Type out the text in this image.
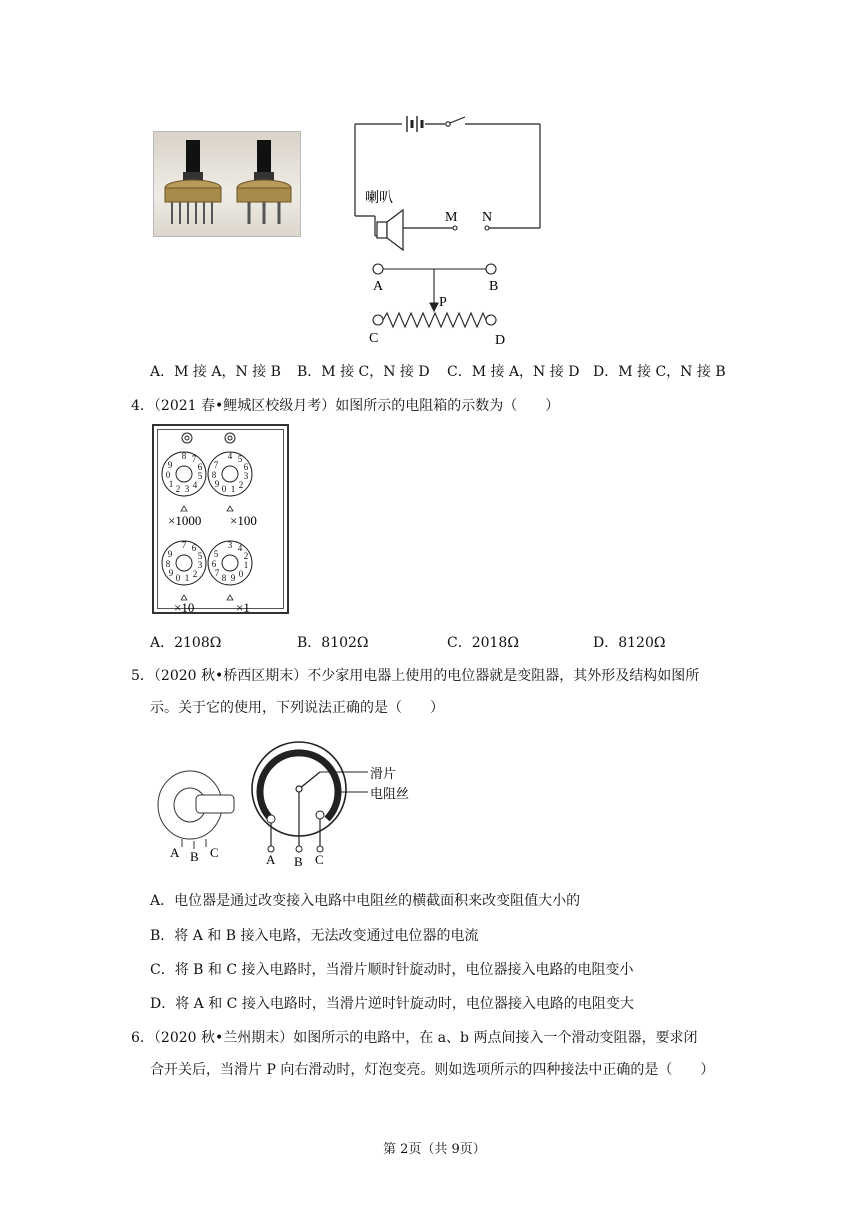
喇叭
M N
A	B
P
C	D
A．M 接 A，N 接 B B．M 接 C，N 接 D C．M 接 A，N 接 D D．M 接 C，N 接 B
4．（2021 春•鲤城区校级月考）如图所示的电阻箱的示数为（　　）
8 7
6
5
4
3
2
1
0
9
4 5
6
3
2
1
0
9
8
7
7 6
5
3
2
1
0
9
8
9
3 4
2
1
0
9
8
7
6
5
×1000 ×100
×10	×1
A．2108Ω	B．8102Ω	C．2018Ω	D．8120Ω
5．（2020 秋•桥西区期末）不少家用电器上使用的电位器就是变阻器，其外形及结构如图所
示。关于它的使用，下列说法正确的是（　　）
A B C
滑片
电阻丝
A B C
A．电位器是通过改变接入电路中电阻丝的横截面积来改变阻值大小的
B．将 A 和 B 接入电路，无法改变通过电位器的电流
C．将 B 和 C 接入电路时，当滑片顺时针旋动时，电位器接入电路的电阻变小
D．将 A 和 C 接入电路时，当滑片逆时针旋动时，电位器接入电路的电阻变大
6．（2020 秋•兰州期末）如图所示的电路中，在 a、b 两点间接入一个滑动变阻器，要求闭
合开关后，当滑片 P 向右滑动时，灯泡变亮。则如选项所示的四种接法中正确的是（　　）
第 2页（共 9页）
